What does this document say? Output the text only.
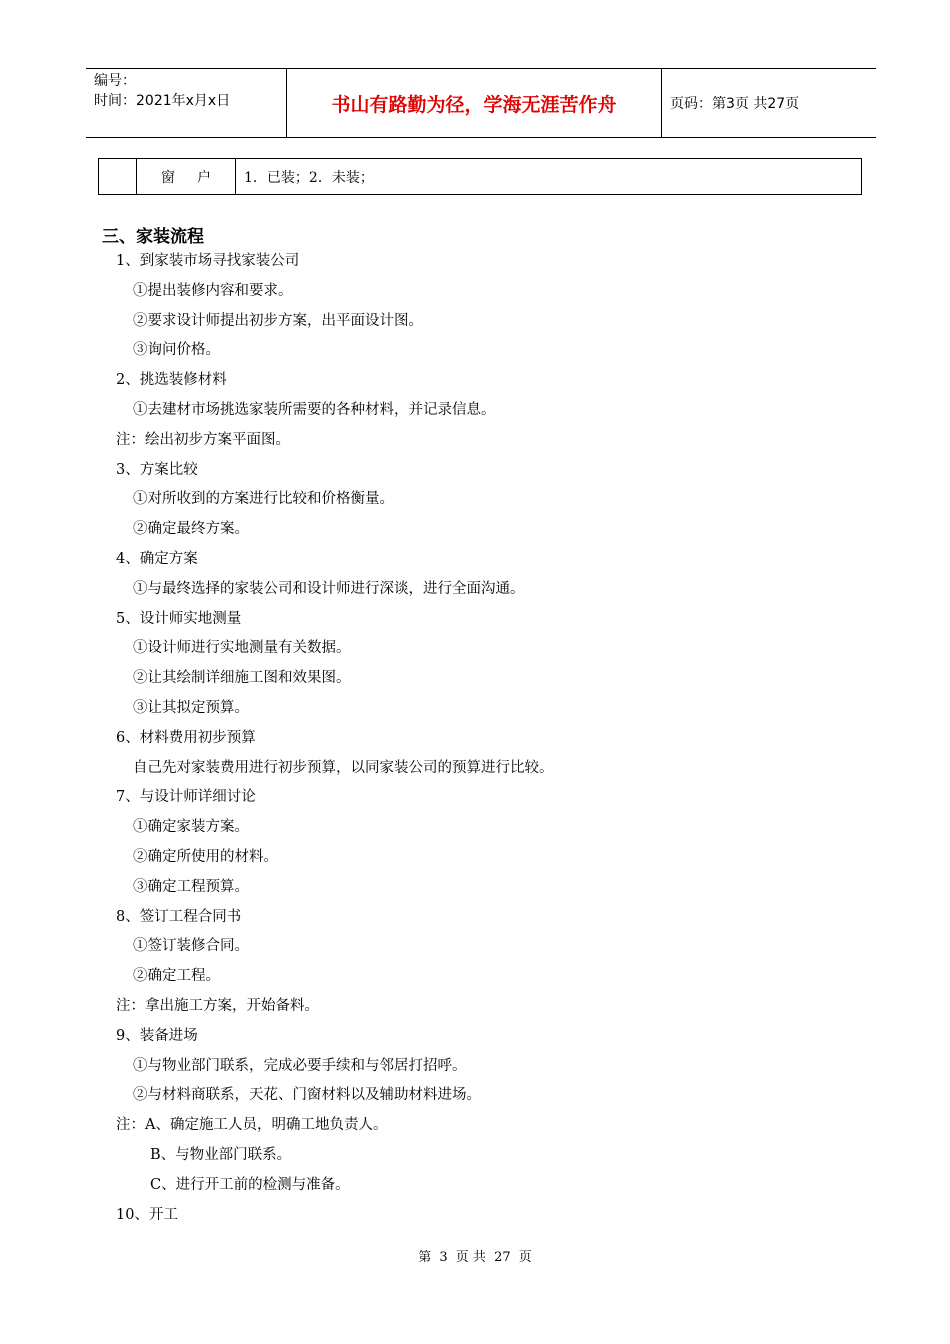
编号：
时间：2021年x月x日	书山有路勤为径，学海无涯苦作舟	页码：第3页 共27页
窗户 1．已装；2．未装；
三、家装流程
1、到家装市场寻找家装公司
①提出装修内容和要求。
②要求设计师提出初步方案，出平面设计图。
③询问价格。
2、挑选装修材料
①去建材市场挑选家装所需要的各种材料，并记录信息。
注：绘出初步方案平面图。
3、方案比较
①对所收到的方案进行比较和价格衡量。
②确定最终方案。
4、确定方案
①与最终选择的家装公司和设计师进行深谈，进行全面沟通。
5、设计师实地测量
①设计师进行实地测量有关数据。
②让其绘制详细施工图和效果图。
③让其拟定预算。
6、材料费用初步预算
自己先对家装费用进行初步预算，以同家装公司的预算进行比较。
7、与设计师详细讨论
①确定家装方案。
②确定所使用的材料。
③确定工程预算。
8、签订工程合同书
①签订装修合同。
②确定工程。
注：拿出施工方案，开始备料。
9、装备进场
①与物业部门联系，完成必要手续和与邻居打招呼。
②与材料商联系，天花、门窗材料以及辅助材料进场。
注：A、确定施工人员，明确工地负责人。
B、与物业部门联系。
C、进行开工前的检测与准备。
10、开工
第 3 页 共 27 页
